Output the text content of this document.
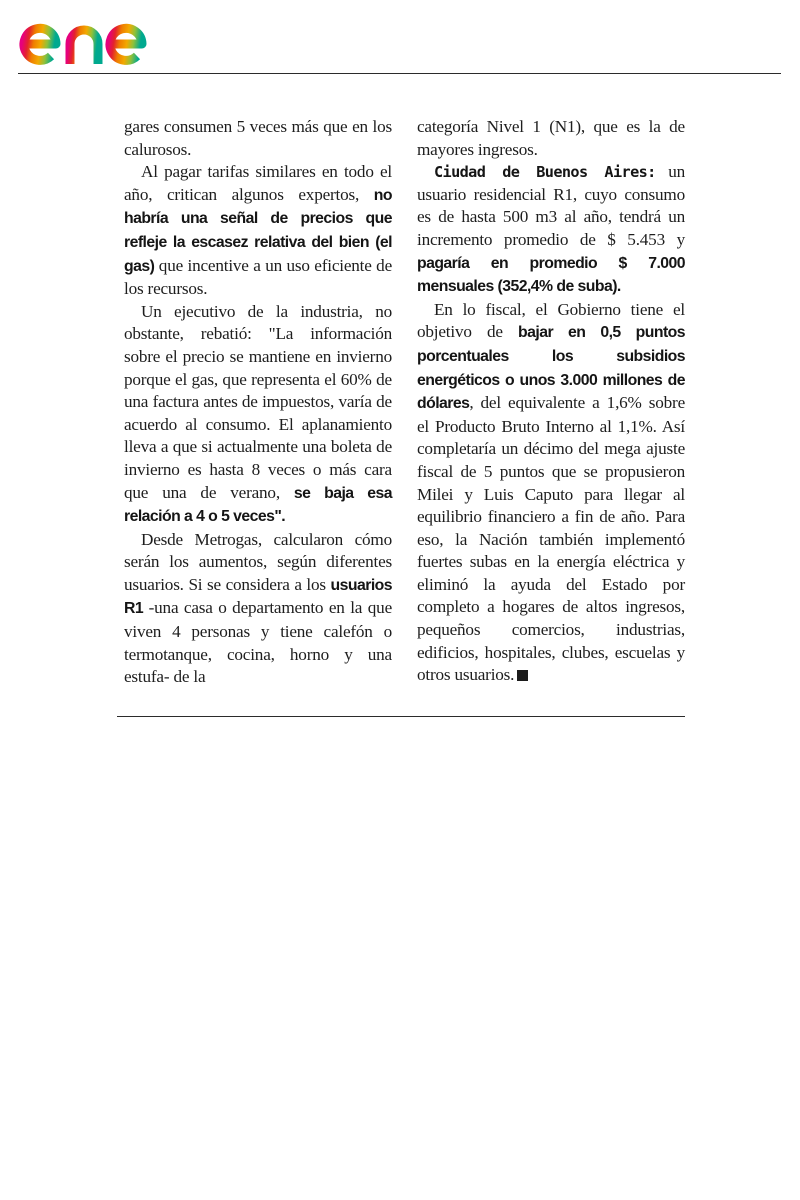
gares consumen 5 veces más que en los calurosos.

Al pagar tarifas similares en todo el año, critican algunos expertos, no habría una señal de precios que refleje la escasez relativa del bien (el gas) que incentive a un uso eficiente de los recursos.

Un ejecutivo de la industria, no obstante, rebatió: "La información sobre el precio se mantiene en invierno porque el gas, que representa el 60% de una factura antes de impuestos, varía de acuerdo al consumo. El aplanamiento lleva a que si actualmente una boleta de invierno es hasta 8 veces o más cara que una de verano, se baja esa relación a 4 o 5 veces".

Desde Metrogas, calcularon cómo serán los aumentos, según diferentes usuarios. Si se considera a los usuarios R1 -una casa o departamento en la que viven 4 personas y tiene calefón o termotanque, cocina, horno y una estufa- de la

categoría Nivel 1 (N1), que es la de mayores ingresos.

Ciudad de Buenos Aires: un usuario residencial R1, cuyo consumo es de hasta 500 m3 al año, tendrá un incremento promedio de $ 5.453 y pagaría en promedio $ 7.000 mensuales (352,4% de suba).

En lo fiscal, el Gobierno tiene el objetivo de bajar en 0,5 puntos porcentuales los subsidios energéticos o unos 3.000 millones de dólares, del equivalente a 1,6% sobre el Producto Bruto Interno al 1,1%. Así completaría un décimo del mega ajuste fiscal de 5 puntos que se propusieron Milei y Luis Caputo para llegar al equilibrio financiero a fin de año. Para eso, la Nación también implementó fuertes subas en la energía eléctrica y eliminó la ayuda del Estado por completo a hogares de altos ingresos, pequeños comercios, industrias, edificios, hospitales, clubes, escuelas y otros usuarios.
